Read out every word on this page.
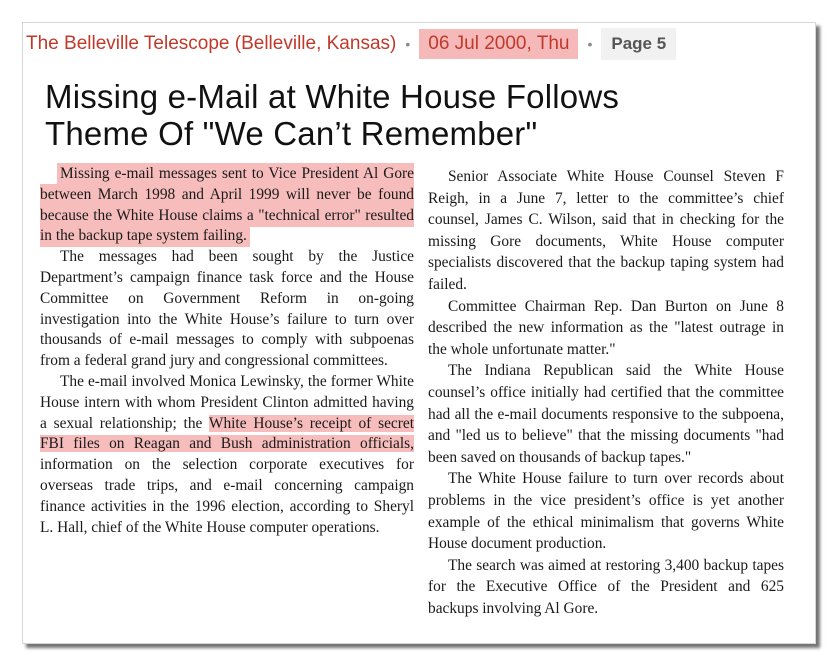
The Belleville Telescope (Belleville, Kansas) • 06 Jul 2000, Thu	•	Page 5
Missing e-Mail at White House Follows
Theme Of "We Can’t Remember"

Missing e-mail messages sent to Vice President Al Gore between March 1998 and April 1999 will never be found because the White House claims a "technical error" resulted in the backup tape system failing.

The messages had been sought by the Justice Department’s campaign finance task force and the House Committee on Government Reform in on-going investigation into the White House’s failure to turn over thousands of e-mail messages to comply with subpoenas from a federal grand jury and congressional committees.

The e-mail involved Monica Lewinsky, the former White House intern with whom President Clinton admitted having a sexual relationship; the White House’s receipt of secret FBI files on Reagan and Bush administration officials, information on the selection corporate executives for overseas trade trips, and e-mail concerning campaign finance activities in the 1996 election, according to Sheryl L. Hall, chief of the White House computer operations.

Senior Associate White House Counsel Steven F Reigh, in a June 7, letter to the committee’s chief counsel, James C. Wilson, said that in checking for the missing Gore documents, White House computer specialists discovered that the backup taping system had failed.

Committee Chairman Rep. Dan Burton on June 8 described the new information as the "latest outrage in the whole unfortunate matter."

The Indiana Republican said the White House counsel’s office initially had certified that the committee had all the e-mail documents responsive to the subpoena, and "led us to believe" that the missing documents "had been saved on thousands of backup tapes."

The White House failure to turn over records about problems in the vice president’s office is yet another example of the ethical minimalism that governs White House document production.

The search was aimed at restoring 3,400 backup tapes for the Executive Office of the President and 625 backups involving Al Gore.
